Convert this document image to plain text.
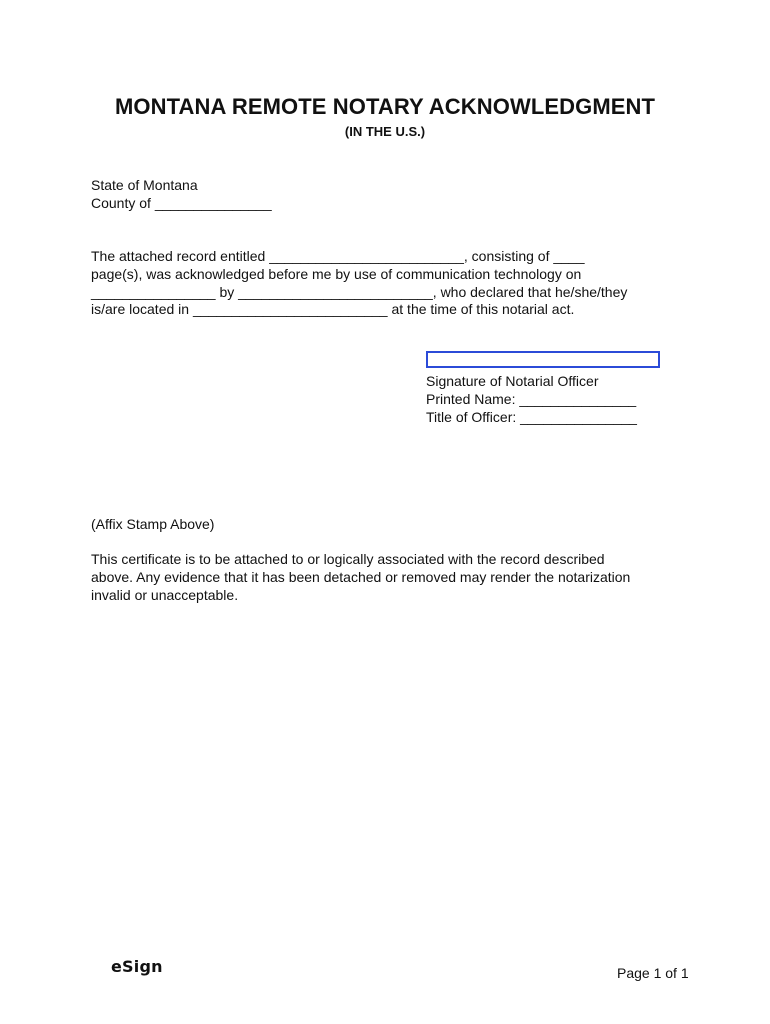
MONTANA REMOTE NOTARY ACKNOWLEDGMENT
(IN THE U.S.)
State of Montana
County of _______________
The attached record entitled _________________________, consisting of ____
page(s), was acknowledged before me by use of communication technology on
________________ by _________________________, who declared that he/she/they
is/are located in _________________________ at the time of this notarial act.
Signature of Notarial Officer
Printed Name: _______________
Title of Officer: _______________
(Affix Stamp Above)
This certificate is to be attached to or logically associated with the record described
above. Any evidence that it has been detached or removed may render the notarization
invalid or unacceptable.
eSign	Page 1 of 1
